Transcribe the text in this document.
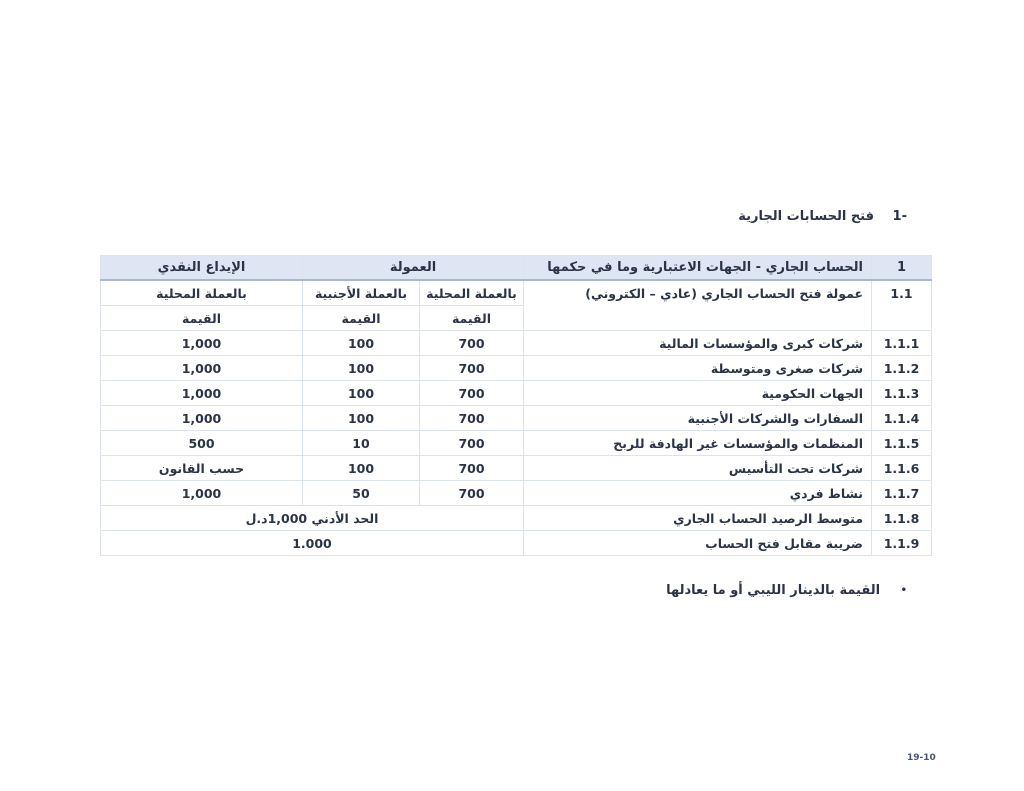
-1 فتح الحسابات الجارية
1	الحساب الجاري - الجهات الاعتبارية وما في حكمها	العمولة		الإيداع النقدي
1.1	عمولة فتح الحساب الجاري (عادي – الكتروني)	بالعملة المحلية	بالعملة الأجنبية	بالعملة المحلية
		القيمة	القيمة	القيمة
1.1.1	شركات كبرى والمؤسسات المالية	700	100	1,000
1.1.2	شركات صغرى ومتوسطة	700	100	1,000
1.1.3	الجهات الحكومية	700	100	1,000
1.1.4	السفارات والشركات الأجنبية	700	100	1,000
1.1.5	المنظمات والمؤسسات غير الهادفة للربح	700	10	500
1.1.6	شركات تحت التأسيس	700	100	حسب القانون
1.1.7	نشاط فردي	700	50	1,000
1.1.8	متوسط الرصيد الحساب الجاري	الحد الأدني 1,000د.ل		
1.1.9	ضريبة مقابل فتح الحساب	1.000		
• القيمة بالدينار الليبي أو ما يعادلها
19-10
